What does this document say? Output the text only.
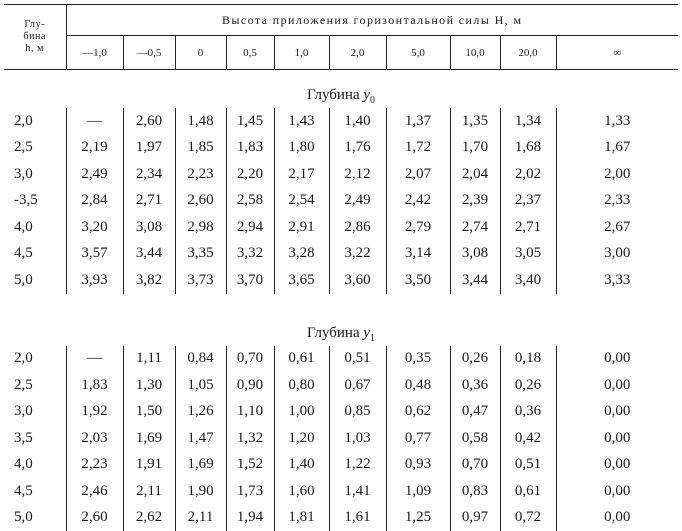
Глу-
бина
h, м	Высота приложения горизонтальной силы H, м									
	—1,0	—0,5	0	0,5	1,0	2,0	5,0	10,0	20,0	∞
Глубина $y_0$
2,0	—	2,60	1,48	1,45	1,43	1,40	1,37	1,35	1,34	1,33
2,5	2,19	1,97	1,85	1,83	1,80	1,76	1,72	1,70	1,68	1,67
3,0	2,49	2,34	2,23	2,20	2,17	2,12	2,07	2,04	2,02	2,00
-3,5	2,84	2,71	2,60	2,58	2,54	2,49	2,42	2,39	2,37	2,33
4,0	3,20	3,08	2,98	2,94	2,91	2,86	2,79	2,74	2,71	2,67
4,5	3,57	3,44	3,35	3,32	3,28	3,22	3,14	3,08	3,05	3,00
5,0	3,93	3,82	3,73	3,70	3,65	3,60	3,50	3,44	3,40	3,33

Глубина $y_1$
2,0	—	1,11	0,84	0,70	0,61	0,51	0,35	0,26	0,18	0,00
2,5	1,83	1,30	1,05	0,90	0,80	0,67	0,48	0,36	0,26	0,00
3,0	1,92	1,50	1,26	1,10	1,00	0,85	0,62	0,47	0,36	0,00
3,5	2,03	1,69	1,47	1,32	1,20	1,03	0,77	0,58	0,42	0,00
4,0	2,23	1,91	1,69	1,52	1,40	1,22	0,93	0,70	0,51	0,00
4,5	2,46	2,11	1,90	1,73	1,60	1,41	1,09	0,83	0,61	0,00
5,0	2,60	2,62	2,11	1,94	1,81	1,61	1,25	0,97	0,72	0,00
